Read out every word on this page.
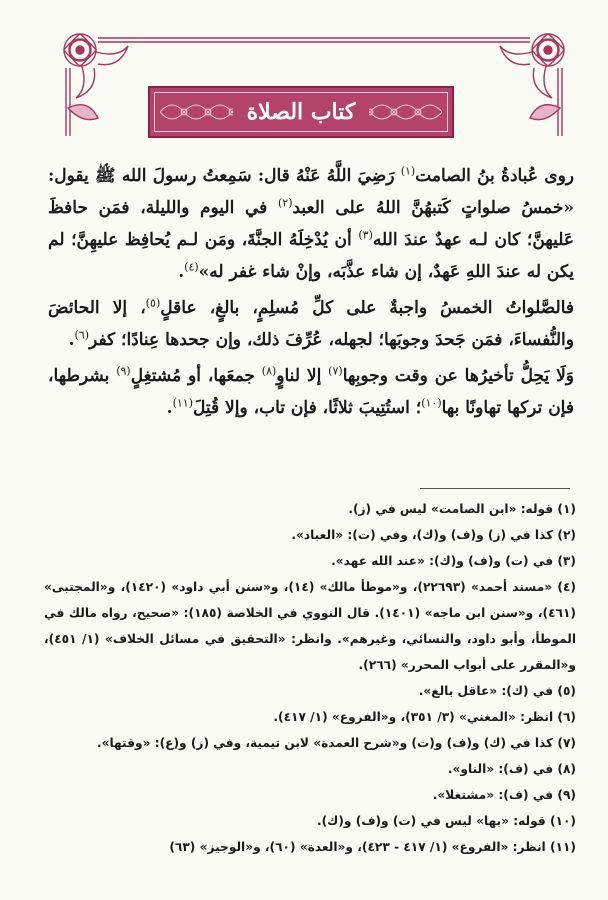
كتاب الصلاة

روى عُبادةُ بنُ الصامت$^{(١)}$ رَضِيَ اللَّهُ عَنْهُ قال: سَمِعتُ رسولَ الله ﷺ يقول: «خمسُ صلواتٍ كَتبهُنَّ اللهُ على العبد$^{(٢)}$ في اليوم والليلة، فمَن حافظَ عَليهنَّ؛ كان لـه عهدٌ عندَ الله$^{(٣)}$ أن يُدْخِلَهُ الجنَّةَ، ومَن لـم يُحافِظ عليهِنَّ؛ لم يكن له عندَ اللهِ عَهدٌ، إن شاء عذَّبَه، وإنْ شاء غفر له»$^{(٤)}$.

فالصَّلواتُ الخمسُ واجبةٌ على كلِّ مُسلِمٍ، بالغٍ، عاقلٍ$^{(٥)}$، إلا الحائضَ والنُّفساءَ، فمَن جَحدَ وجوبَها؛ لجهله، عُرِّفَ ذلك، وإن جحدها عِنادًا؛ كفر$^{(٦)}$.

وَلَا يَحِلُّ تأخيرُها عن وقت وجوبِها$^{(٧)}$ إلا لناوٍ$^{(٨)}$ جمعَها، أو مُشتغِلٍ$^{(٩)}$ بشرطها، فإن تركها تهاونًا بها$^{(١٠)}$؛ استُتِيبَ ثلاثًا، فإن تاب، وإلا قُتِلَ$^{(١١)}$.

(١) قوله: «ابن الصامت» ليس في (ز).

(٢) كذا في (ز) و(ف) و(ك)، وفي (ت): «العباد».

(٣) في (ت) و(ف) و(ك): «عند الله عهد».

(٤) «مسند أحمد» (٢٢٦٩٣)، و«موطأ مالك» (١٤)، و«سنن أبي داود» (١٤٢٠)، و«المجتبى» (٤٦١)، و«سنن ابن ماجه» (١٤٠١). قال النووي في الخلاصة (١٨٥): «صحيح، رواه مالك في الموطأ، وأبو داود، والنسائي، وغيرهم». وانظر: «التحقيق في مسائل الخلاف» (١/ ٤٥١)، و«المقرر على أبواب المحرر» (٢٦٦).

(٥) في (ك): «عاقل بالغ».

(٦) انظر: «المغني» (٣/ ٣٥١)، و«الفروع» (١/ ٤١٧).

(٧) كذا في (ك) و(ف) و(ت) و«شرح العمدة» لابن تيمية، وفي (ز) و(ع): «وقتها».

(٨) في (ف): «الناو».

(٩) في (ف): «مشتغلا».

(١٠) قوله: «بها» ليس في (ت) و(ف) و(ك).

(١١) انظر: «الفروع» (١/ ٤١٧ - ٤٢٣)، و«العدة» (٦٠)، و«الوجيز» (٦٣)
